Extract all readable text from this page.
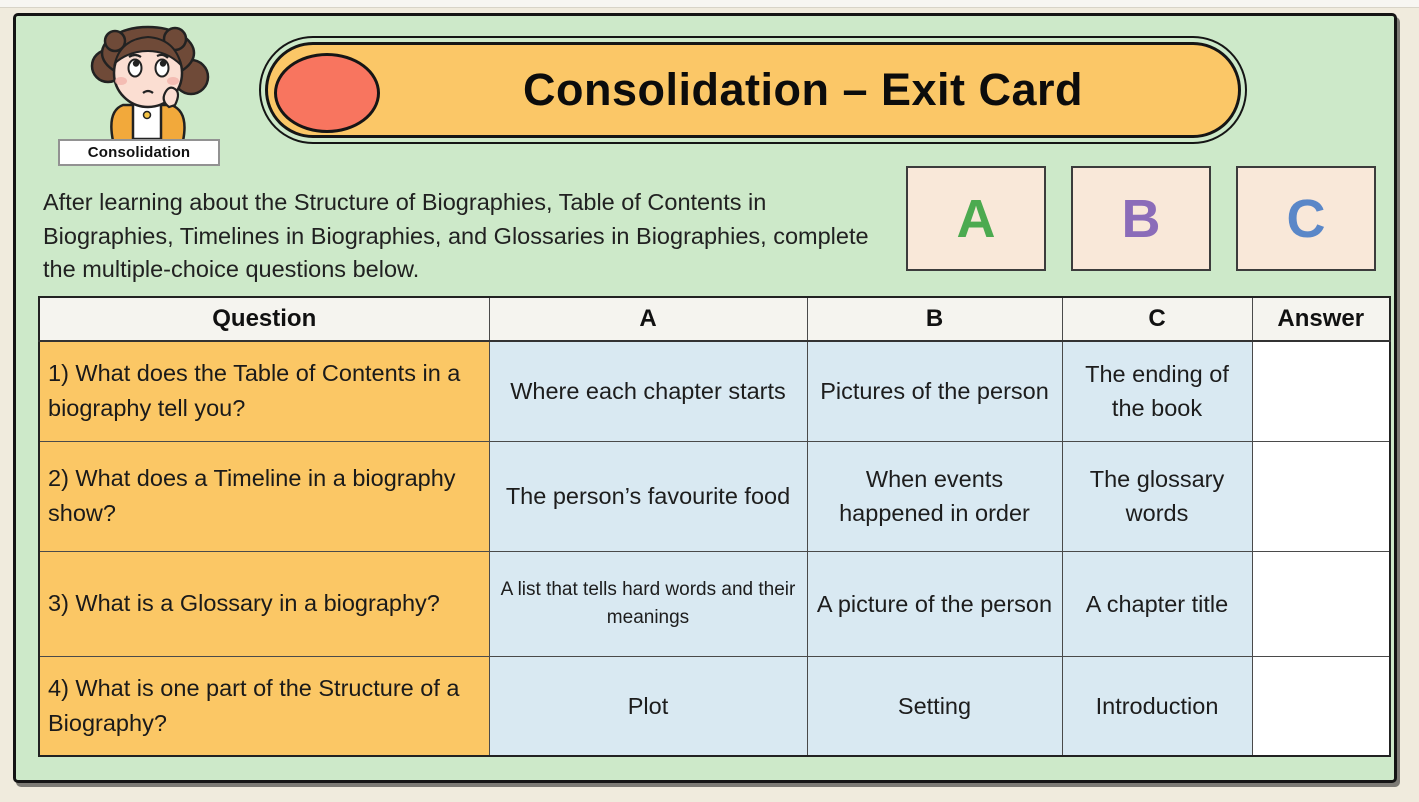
Consolidation
Consolidation – Exit Card
After learning about the Structure of Biographies, Table of Contents in Biographies, Timelines in Biographies, and Glossaries in Biographies, complete the multiple-choice questions below.
A B C
Question	A	B	C	Answer
1) What does the Table of Contents in a biography tell you?	Where each chapter starts	Pictures of the person	The ending of the book	
2) What does a Timeline in a biography show?	The person’s favourite food	When events happened in order	The glossary words	
3) What is a Glossary in a biography?	A list that tells hard words and their meanings	A picture of the person	A chapter title	
4) What is one part of the Structure of a Biography?	Plot	Setting	Introduction	
